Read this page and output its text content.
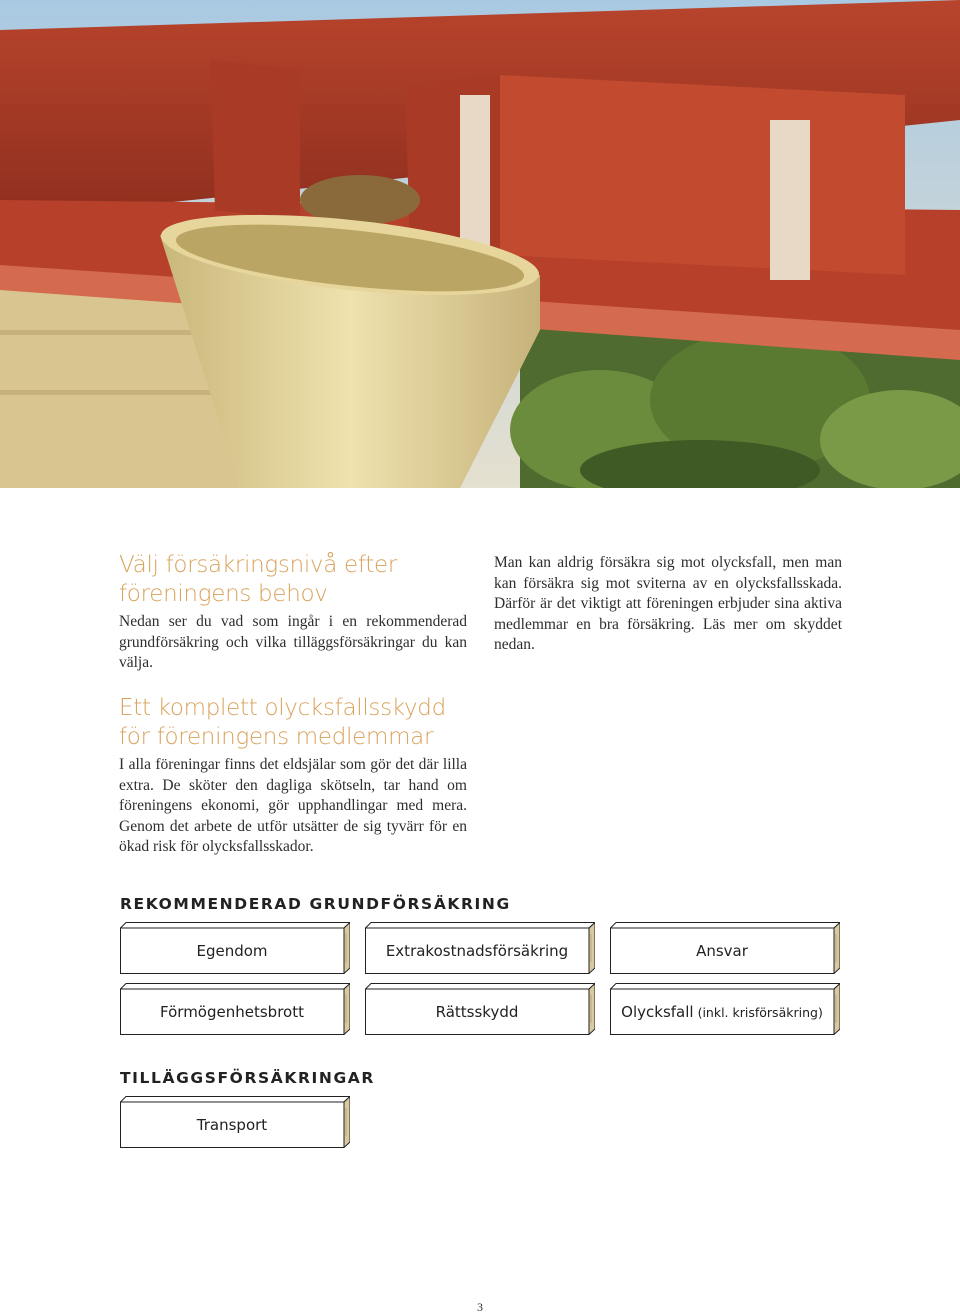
Välj försäkringsnivå efter
föreningens behov

Nedan ser du vad som ingår i en rekommenderad grundförsäkring och vilka tilläggsförsäkringar du kan välja.

Man kan aldrig försäkra sig mot olycksfall, men man kan försäkra sig mot sviterna av en olycksfallsskada. Därför är det viktigt att föreningen erbjuder sina aktiva medlemmar en bra försäkring. Läs mer om skyddet nedan.

Ett komplett olycksfallsskydd
för föreningens medlemmar

I alla föreningar finns det eldsjälar som gör det där lilla extra. De sköter den dagliga skötseln, tar hand om föreningens ekonomi, gör upphandlingar med mera. Genom det arbete de utför utsätter de sig tyvärr för en ökad risk för olycksfallsskador.

REKOMMENDERAD GRUNDFÖRSÄKRING
Egendom	Extrakostnadsförsäkring	Ansvar
Förmögenhetsbrott	Rättsskydd	Olycksfall (inkl. krisförsäkring)
TILLÄGGSFÖRSÄKRINGAR
Transport
3
